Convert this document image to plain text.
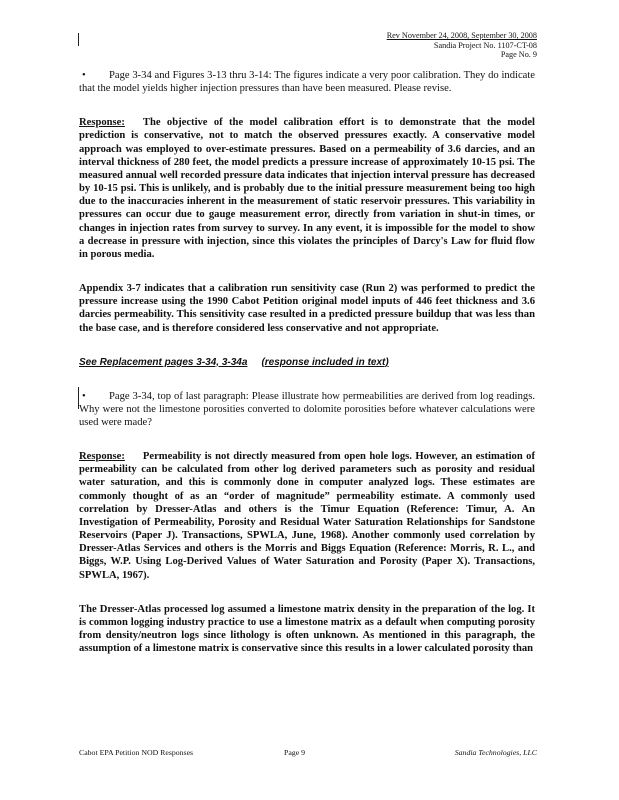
Rev November 24, 2008, September 30, 2008
Sandia Project No. 1107-CT-08
Page No. 9

• Page 3-34 and Figures 3-13 thru 3-14: The figures indicate a very poor calibration. They do indicate that the model yields higher injection pressures than have been measured. Please revise.

Response: The objective of the model calibration effort is to demonstrate that the model prediction is conservative, not to match the observed pressures exactly. A conservative model approach was employed to over-estimate pressures. Based on a permeability of 3.6 darcies, and an interval thickness of 280 feet, the model predicts a pressure increase of approximately 10-15 psi. The measured annual well recorded pressure data indicates that injection interval pressure has decreased by 10-15 psi. This is unlikely, and is probably due to the initial pressure measurement being too high due to the inaccuracies inherent in the measurement of static reservoir pressures. This variability in pressures can occur due to gauge measurement error, directly from variation in shut-in times, or changes in injection rates from survey to survey. In any event, it is impossible for the model to show a decrease in pressure with injection, since this violates the principles of Darcy's Law for fluid flow in porous media.

Appendix 3-7 indicates that a calibration run sensitivity case (Run 2) was performed to predict the pressure increase using the 1990 Cabot Petition original model inputs of 446 feet thickness and 3.6 darcies permeability. This sensitivity case resulted in a predicted pressure buildup that was less than the base case, and is therefore considered less conservative and not appropriate.

See Replacement pages 3-34, 3-34a (response included in text)

• Page 3-34, top of last paragraph: Please illustrate how permeabilities are derived from log readings. Why were not the limestone porosities converted to dolomite porosities before whatever calculations were used were made?

Response: Permeability is not directly measured from open hole logs. However, an estimation of permeability can be calculated from other log derived parameters such as porosity and residual water saturation, and this is commonly done in computer analyzed logs. These estimates are commonly thought of as an “order of magnitude” permeability estimate. A commonly used correlation by Dresser-Atlas and others is the Timur Equation (Reference: Timur, A. An Investigation of Permeability, Porosity and Residual Water Saturation Relationships for Sandstone Reservoirs (Paper J). Transactions, SPWLA, June, 1968). Another commonly used correlation by Dresser-Atlas Services and others is the Morris and Biggs Equation (Reference: Morris, R. L., and Biggs, W.P. Using Log-Derived Values of Water Saturation and Porosity (Paper X). Transactions, SPWLA, 1967).

The Dresser-Atlas processed log assumed a limestone matrix density in the preparation of the log. It is common logging industry practice to use a limestone matrix as a default when computing porosity from density/neutron logs since lithology is often unknown. As mentioned in this paragraph, the assumption of a limestone matrix is conservative since this results in a lower calculated porosity than

Cabot EPA Petition NOD Responses	Page 9	Sandia Technologies, LLC
